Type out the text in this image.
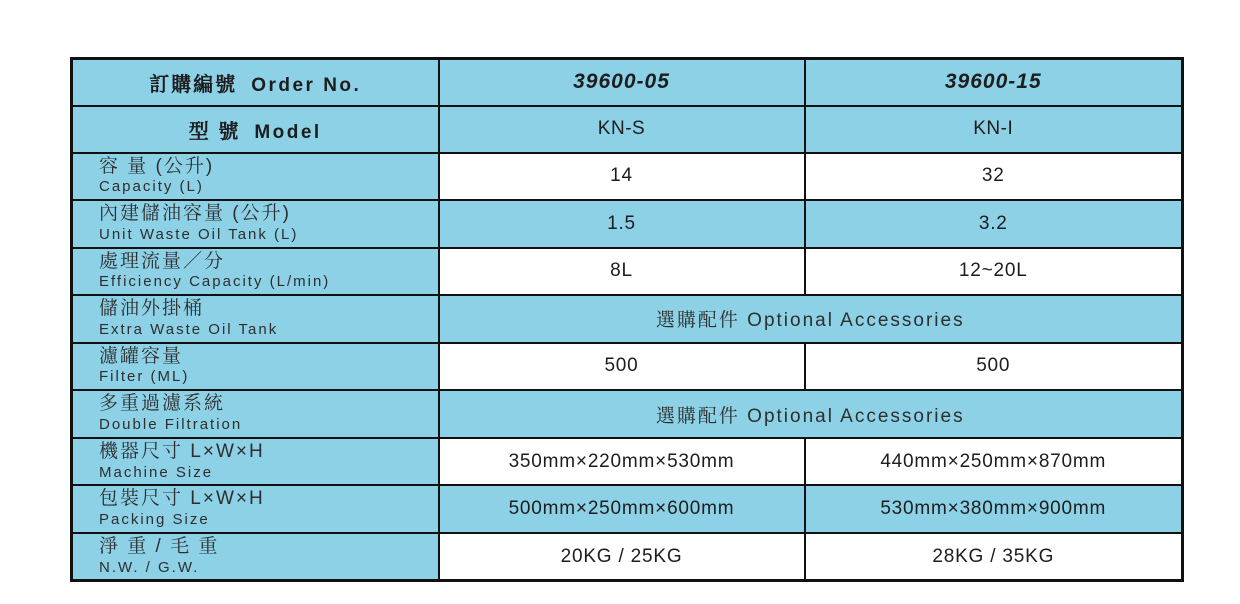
訂購編號 Order No.	39600-05	39600-15
型 號 Model	KN-S	KN-I

容 量 (公升)
Capacity (L)	14	32

內建儲油容量 (公升)
Unit Waste Oil Tank (L)	1.5	3.2

處理流量／分
Efficiency Capacity (L/min)	8L	12~20L

儲油外掛桶
Extra Waste Oil Tank	選購配件 Optional Accessories	

濾罐容量
Filter (ML)	500	500

多重過濾系統
Double Filtration	選購配件 Optional Accessories	

機器尺寸 L×W×H
Machine Size	350mm×220mm×530mm	440mm×250mm×870mm

包裝尺寸 L×W×H
Packing Size	500mm×250mm×600mm	530mm×380mm×900mm

淨 重 / 毛 重
N.W. / G.W.	20KG / 25KG	28KG / 35KG
